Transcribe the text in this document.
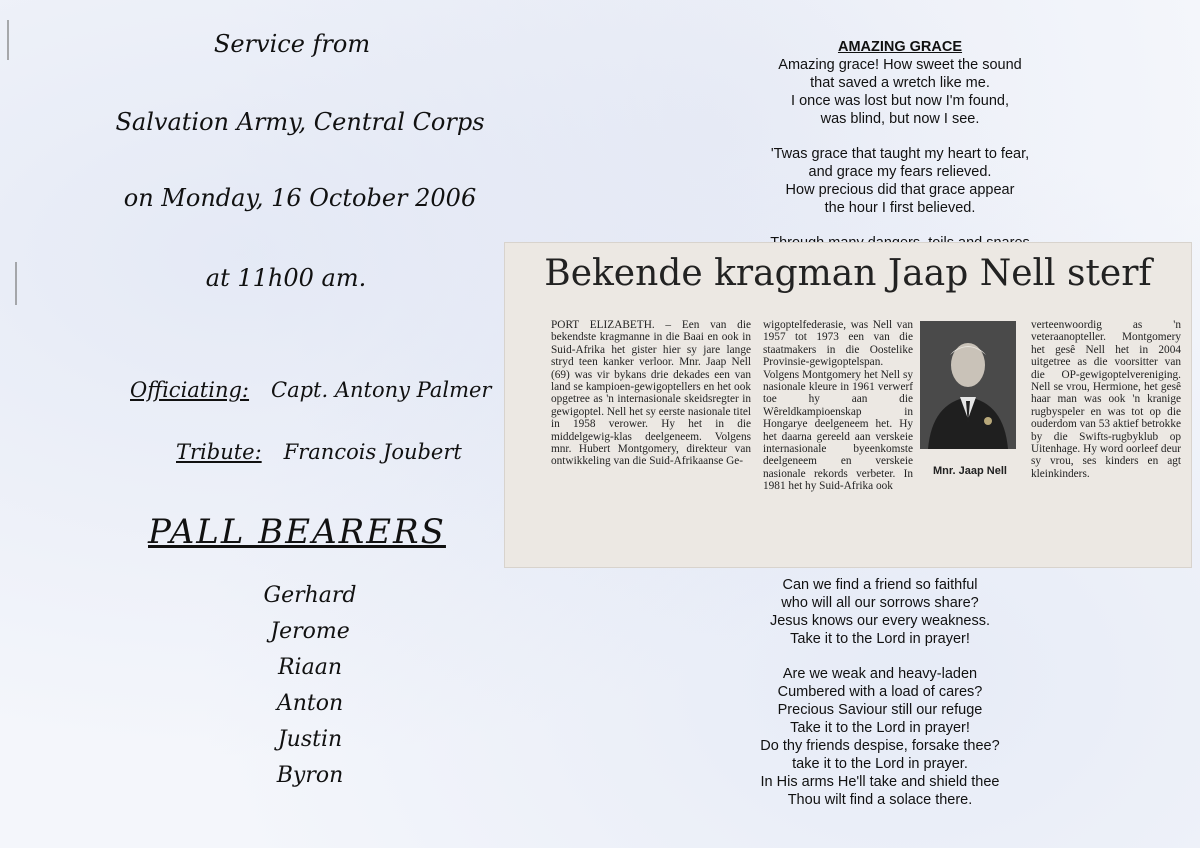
Service from
Salvation Army, Central Corps
on Monday, 16 October 2006
at 11h00 am.
Officiating: Capt. Antony Palmer
Tribute: Francois Joubert
PALL BEARERS
Gerhard
Jerome
Riaan
Anton
Justin
Byron
AMAZING GRACE

Amazing grace! How sweet the sound
that saved a wretch like me.
I once was lost but now I'm found,
was blind, but now I see.

'Twas grace that taught my heart to fear,
and grace my fears relieved.
How precious did that grace appear
the hour I first believed.

Bekende kragman Jaap Nell sterf

PORT ELIZABETH. – Een van die bekendste kragmanne in die Baai en ook in Suid-Afrika het gister hier sy jare lange stryd teen kanker verloor. Mnr. Jaap Nell (69) was vir bykans drie dekades een van land se kampioen-gewigoptellers en het ook opgetree as 'n internasionale skeidsregter in gewigoptel. Nell het sy eerste nasionale titel in 1958 verower. Hy het in die middelgewig-klas deelgeneem. Volgens mnr. Hubert Montgomery, direkteur van ontwikkeling van die Suid-Afrikaanse Ge-

wigoptelfederasie, was Nell van 1957 tot 1973 een van die staatmakers in die Oostelike Provinsie-gewigoptelspan. Volgens Montgomery het Nell sy nasionale kleure in 1961 verwerf toe hy aan die Wêreldkampioenskap in Hongarye deelgeneem het. Hy het daarna gereeld aan verskeie internasionale byeenkomste deelgeneem en verskeie nasionale rekords verbeter. In 1981 het hy Suid-Afrika ook

Mnr. Jaap Nell

verteenwoordig as 'n veteraanopteller. Montgomery het gesê Nell het in 2004 uitgetree as die voorsitter van die OP-gewigoptelvereniging. Nell se vrou, Hermione, het gesê haar man was ook 'n kranige rugbyspeler en was tot op die ouderdom van 53 aktief betrokke by die Swifts-rugbyklub op Uitenhage. Hy word oorleef deur sy vrou, ses kinders en agt kleinkinders.

Can we find a friend so faithful
who will all our sorrows share?
Jesus knows our every weakness.
Take it to the Lord in prayer!

Are we weak and heavy-laden
Cumbered with a load of cares?
Precious Saviour still our refuge
Take it to the Lord in prayer!
Do thy friends despise, forsake thee?
take it to the Lord in prayer.
In His arms He'll take and shield thee
Thou wilt find a solace there.
